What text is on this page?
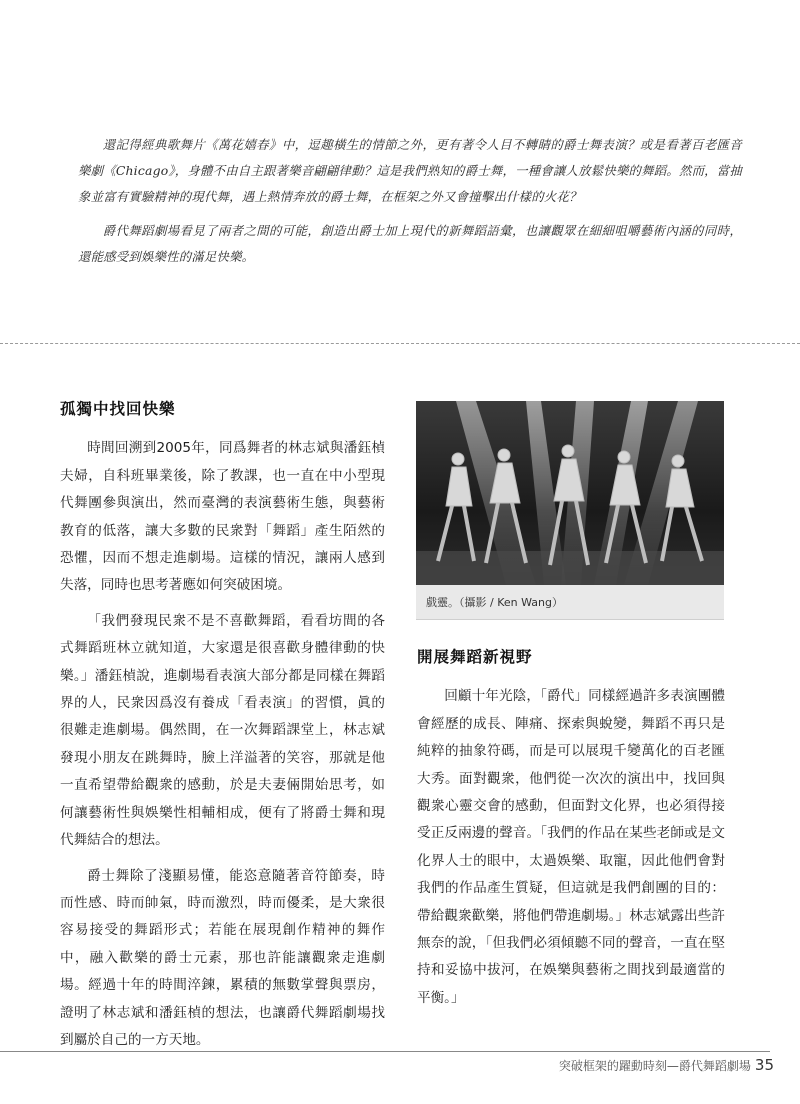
還記得經典歌舞片《萬花嬉春》中，逗趣橫生的情節之外，更有著令人目不轉睛的爵士舞表演？或是看著百老匯音樂劇《Chicago》，身體不由自主跟著樂音翩翩律動？這是我們熟知的爵士舞，一種會讓人放鬆快樂的舞蹈。然而，當抽象並富有實驗精神的現代舞，遇上熱情奔放的爵士舞，在框架之外又會撞擊出什樣的火花？

爵代舞蹈劇場看見了兩者之間的可能，創造出爵士加上現代的新舞蹈語彙，也讓觀眾在細細咀嚼藝術內涵的同時，還能感受到娛樂性的滿足快樂。

孤獨中找回快樂

時間回溯到2005年，同爲舞者的林志斌與潘鈺楨夫婦，自科班畢業後，除了教課，也一直在中小型現代舞團參與演出，然而臺灣的表演藝術生態，與藝術教育的低落，讓大多數的民衆對「舞蹈」產生陌然的恐懼，因而不想走進劇場。這樣的情況，讓兩人感到失落，同時也思考著應如何突破困境。

「我們發現民衆不是不喜歡舞蹈，看看坊間的各式舞蹈班林立就知道，大家還是很喜歡身體律動的快樂。」潘鈺楨說，進劇場看表演大部分都是同樣在舞蹈界的人，民衆因爲沒有養成「看表演」的習慣，眞的很難走進劇場。偶然間，在一次舞蹈課堂上，林志斌發現小朋友在跳舞時，臉上洋溢著的笑容，那就是他一直希望帶給觀衆的感動，於是夫妻倆開始思考，如何讓藝術性與娛樂性相輔相成，便有了將爵士舞和現代舞結合的想法。

爵士舞除了淺顯易懂，能恣意隨著音符節奏，時而性感、時而帥氣，時而激烈，時而優柔，是大衆很容易接受的舞蹈形式；若能在展現創作精神的舞作中，融入歡樂的爵士元素，那也許能讓觀衆走進劇場。經過十年的時間淬鍊，累積的無數掌聲與票房，證明了林志斌和潘鈺楨的想法，也讓爵代舞蹈劇場找到屬於自己的一方天地。

戲靈。（攝影 / Ken Wang）
開展舞蹈新視野

回顧十年光陰，「爵代」同樣經過許多表演團體會經歷的成長、陣痛、探索與蛻變，舞蹈不再只是純粹的抽象符碼，而是可以展現千變萬化的百老匯大秀。面對觀衆，他們從一次次的演出中，找回與觀衆心靈交會的感動，但面對文化界，也必須得接受正反兩邊的聲音。「我們的作品在某些老師或是文化界人士的眼中，太過娛樂、取寵，因此他們會對我們的作品產生質疑，但這就是我們創團的目的：帶給觀衆歡樂，將他們帶進劇場。」林志斌露出些許無奈的說，「但我們必須傾聽不同的聲音，一直在堅持和妥協中拔河，在娛樂與藝術之間找到最適當的平衡。」

突破框架的躍動時刻—爵代舞蹈劇場 35
